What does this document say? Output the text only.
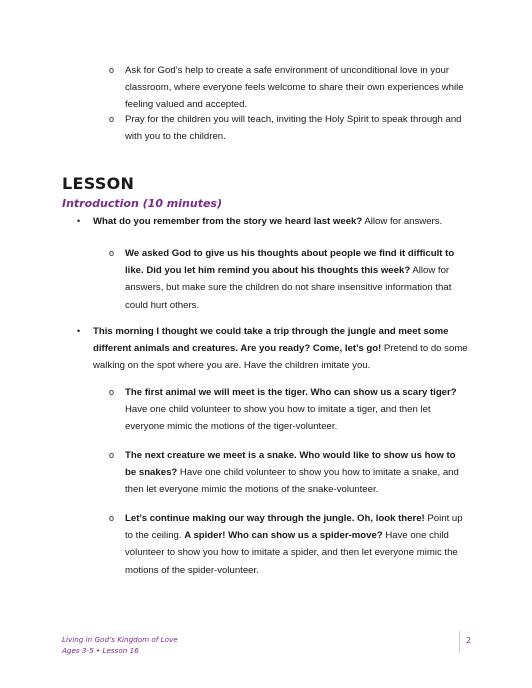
o Ask for God’s help to create a safe environment of unconditional love in your classroom, where everyone feels welcome to share their own experiences while feeling valued and accepted.
o Pray for the children you will teach, inviting the Holy Spirit to speak through and with you to the children.
LESSON
Introduction (10 minutes)
• What do you remember from the story we heard last week? Allow for answers.
o We asked God to give us his thoughts about people we find it difficult to like. Did you let him remind you about his thoughts this week? Allow for answers, but make sure the children do not share insensitive information that could hurt others.
• This morning I thought we could take a trip through the jungle and meet some different animals and creatures. Are you ready? Come, let’s go! Pretend to do some walking on the spot where you are. Have the children imitate you.
o The first animal we will meet is the tiger. Who can show us a scary tiger? Have one child volunteer to show you how to imitate a tiger, and then let everyone mimic the motions of the tiger-volunteer.
o The next creature we meet is a snake. Who would like to show us how to be snakes? Have one child volunteer to show you how to imitate a snake, and then let everyone mimic the motions of the snake-volunteer.
o Let’s continue making our way through the jungle. Oh, look there! Point up to the ceiling. A spider! Who can show us a spider-move? Have one child volunteer to show you how to imitate a spider, and then let everyone mimic the motions of the spider-volunteer.
Living in God’s Kingdom of Love
Ages 3-5 • Lesson 16
2
